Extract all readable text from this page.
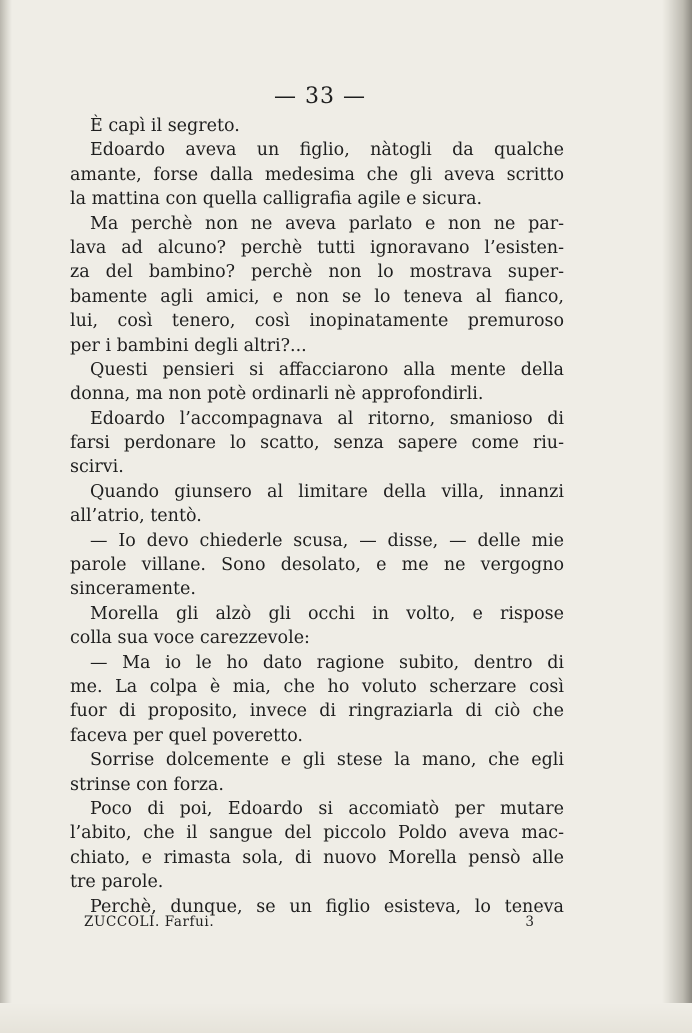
— 33 —
È capì il segreto.
Edoardo aveva un figlio, nàtogli da qualche
amante, forse dalla medesima che gli aveva scritto
la mattina con quella calligrafia agile e sicura.
Ma perchè non ne aveva parlato e non ne par-
lava ad alcuno? perchè tutti ignoravano l’esisten-
za del bambino? perchè non lo mostrava super-
bamente agli amici, e non se lo teneva al fianco,
lui, così tenero, così inopinatamente premuroso
per i bambini degli altri?...
Questi pensieri si affacciarono alla mente della
donna, ma non potè ordinarli nè approfondirli.
Edoardo l’accompagnava al ritorno, smanioso di
farsi perdonare lo scatto, senza sapere come riu-
scirvi.
Quando giunsero al limitare della villa, innanzi
all’atrio, tentò.
— Io devo chiederle scusa, — disse, — delle mie
parole villane. Sono desolato, e me ne vergogno
sinceramente.
Morella gli alzò gli occhi in volto, e rispose
colla sua voce carezzevole:
— Ma io le ho dato ragione subito, dentro di
me. La colpa è mia, che ho voluto scherzare così
fuor di proposito, invece di ringraziarla di ciò che
faceva per quel poveretto.
Sorrise dolcemente e gli stese la mano, che egli
strinse con forza.
Poco di poi, Edoardo si accomiatò per mutare
l’abito, che il sangue del piccolo Poldo aveva mac-
chiato, e rimasta sola, di nuovo Morella pensò alle
tre parole.
Perchè, dunque, se un figlio esisteva, lo teneva
ZUCCOLI. Farfui.	3
